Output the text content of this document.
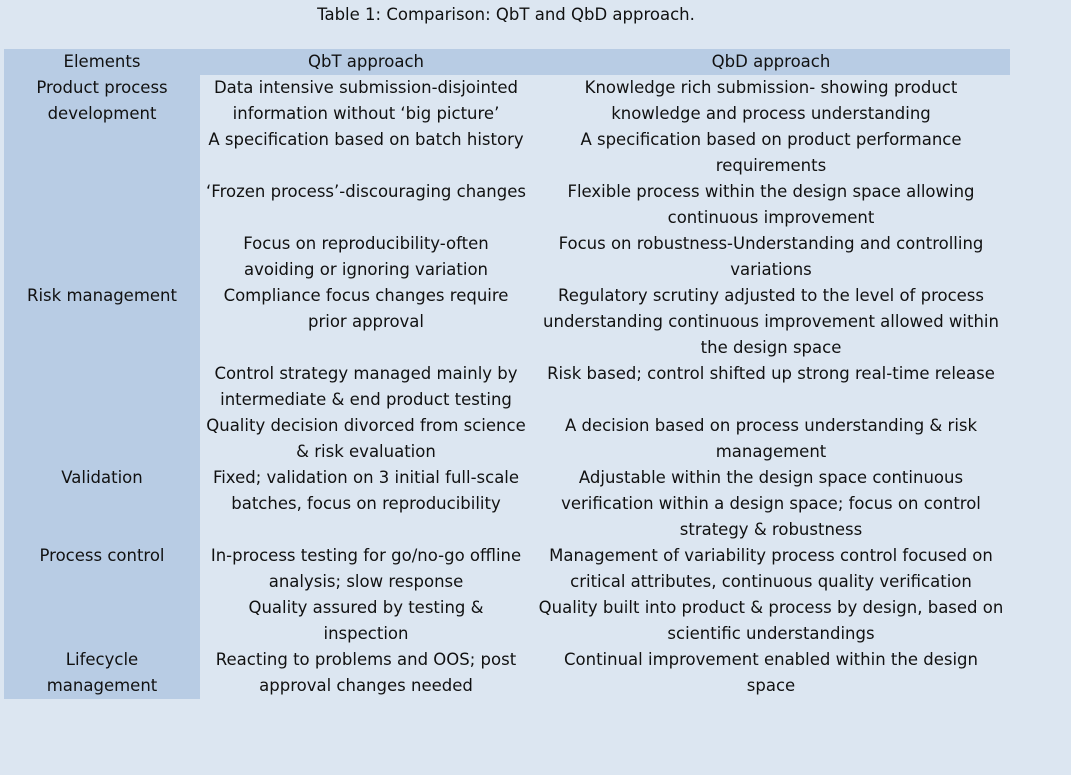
Table 1: Comparison: QbT and QbD approach.
Elements	QbT approach	QbD approach
Product process development	Data intensive submission-disjointed information without ‘big picture’	Knowledge rich submission- showing product knowledge and process understanding
	A specification based on batch history	A specification based on product performance requirements
	‘Frozen process’-discouraging changes	Flexible process within the design space allowing continuous improvement
	Focus on reproducibility-often avoiding or ignoring variation	Focus on robustness-Understanding and controlling variations
Risk management	Compliance focus changes require prior approval	Regulatory scrutiny adjusted to the level of process understanding continuous improvement allowed within the design space
	Control strategy managed mainly by intermediate & end product testing	Risk based; control shifted up strong real-time release
	Quality decision divorced from science & risk evaluation	A decision based on process understanding & risk management
Validation	Fixed; validation on 3 initial full-scale batches, focus on reproducibility	Adjustable within the design space continuous verification within a design space; focus on control strategy & robustness
Process control	In-process testing for go/no-go offline analysis; slow response	Management of variability process control focused on critical attributes, continuous quality verification
	Quality assured by testing & inspection	Quality built into product & process by design, based on scientific understandings
Lifecycle management	Reacting to problems and OOS; post approval changes needed	Continual improvement enabled within the design space
